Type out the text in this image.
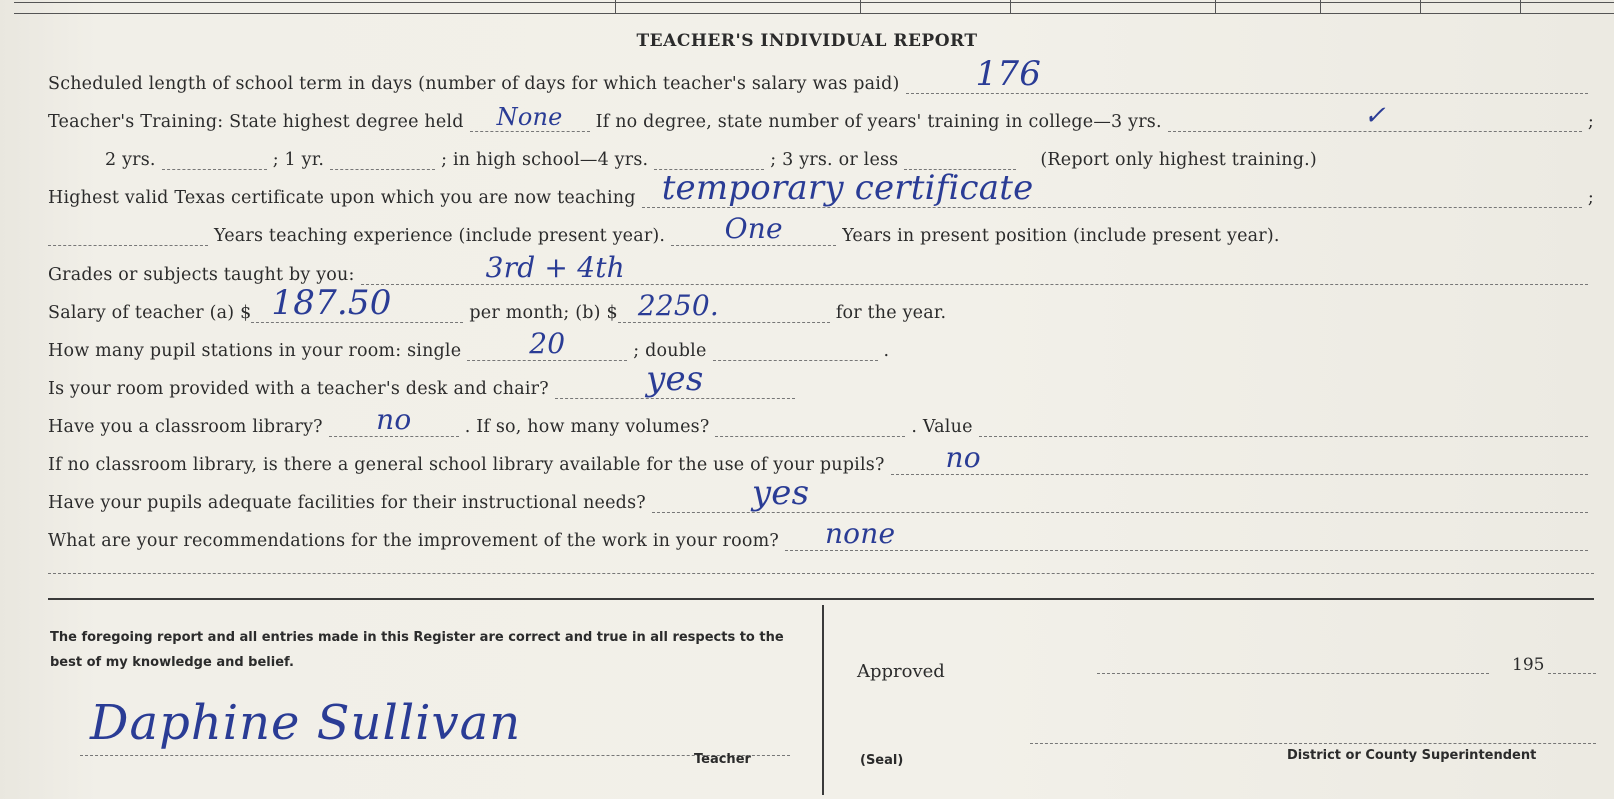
TEACHER'S INDIVIDUAL REPORT
Scheduled length of school term in days (number of days for which teacher's salary was paid) 176
Teacher's Training: State highest degree held	None	If no degree, state number of years' training in college—3 yrs.	✓	;
2 yrs.	; 1 yr.	; in high school—4 yrs.	; 3 yrs. or less	(Report only highest training.)
Highest valid Texas certificate upon which you are now teaching temporary certificate	;
Years teaching experience (include present year).	One	Years in present position (include present year).
Grades or subjects taught by you:	3rd + 4th
Salary of teacher (a) $ 187.50	per month; (b) $ 2250.	for the year.
How many pupil stations in your room: single	20	; double	.
Is your room provided with a teacher's desk and chair?	yes
Have you a classroom library?	no	. If so, how many volumes?	. Value
If no classroom library, is there a general school library available for the use of your pupils? no
Have your pupils adequate facilities for their instructional needs?	yes
What are your recommendations for the improvement of the work in your room? none
The foregoing report and all entries made in this Register are correct and true in all respects to the best of my knowledge and belief.
Daphine Sullivan
Teacher
Approved	195
(Seal)	District or County Superintendent
